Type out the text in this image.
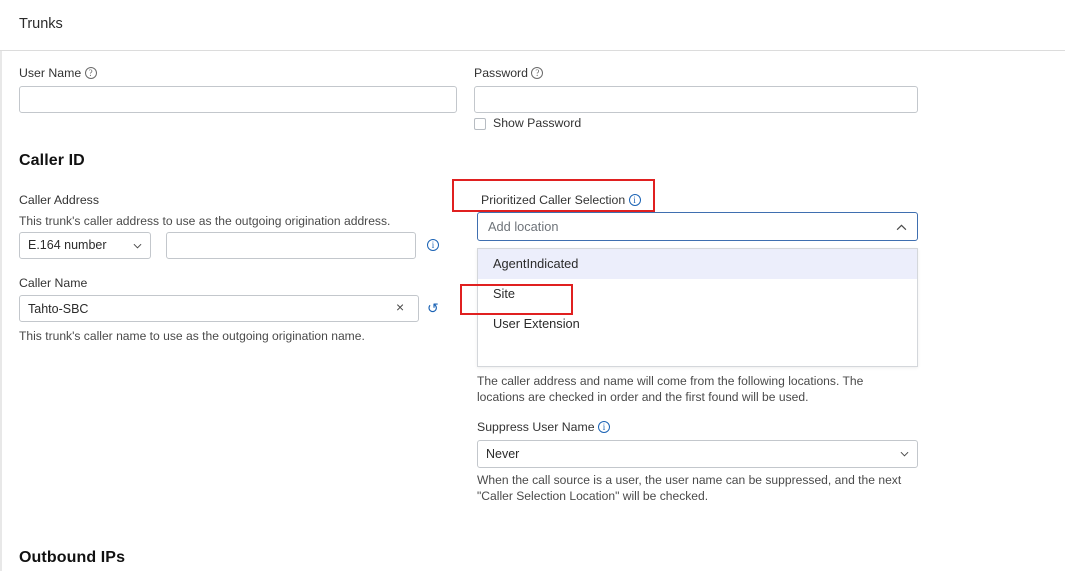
Trunks
User Name ?	Password ?
Show Password
Caller ID
Caller Address
This trunk's caller address to use as the outgoing origination address.
E.164 number	i
Caller Name
Tahto-SBC
× ↺
This trunk's caller name to use as the outgoing origination name.
Prioritized Caller Selection i
Add location
AgentIndicated
Site
User Extension
The caller address and name will come from the following locations. The locations are checked in order and the first found will be used.
Suppress User Name i
Never
When the call source is a user, the user name can be suppressed, and the next "Caller Selection Location" will be checked.
Outbound IPs
